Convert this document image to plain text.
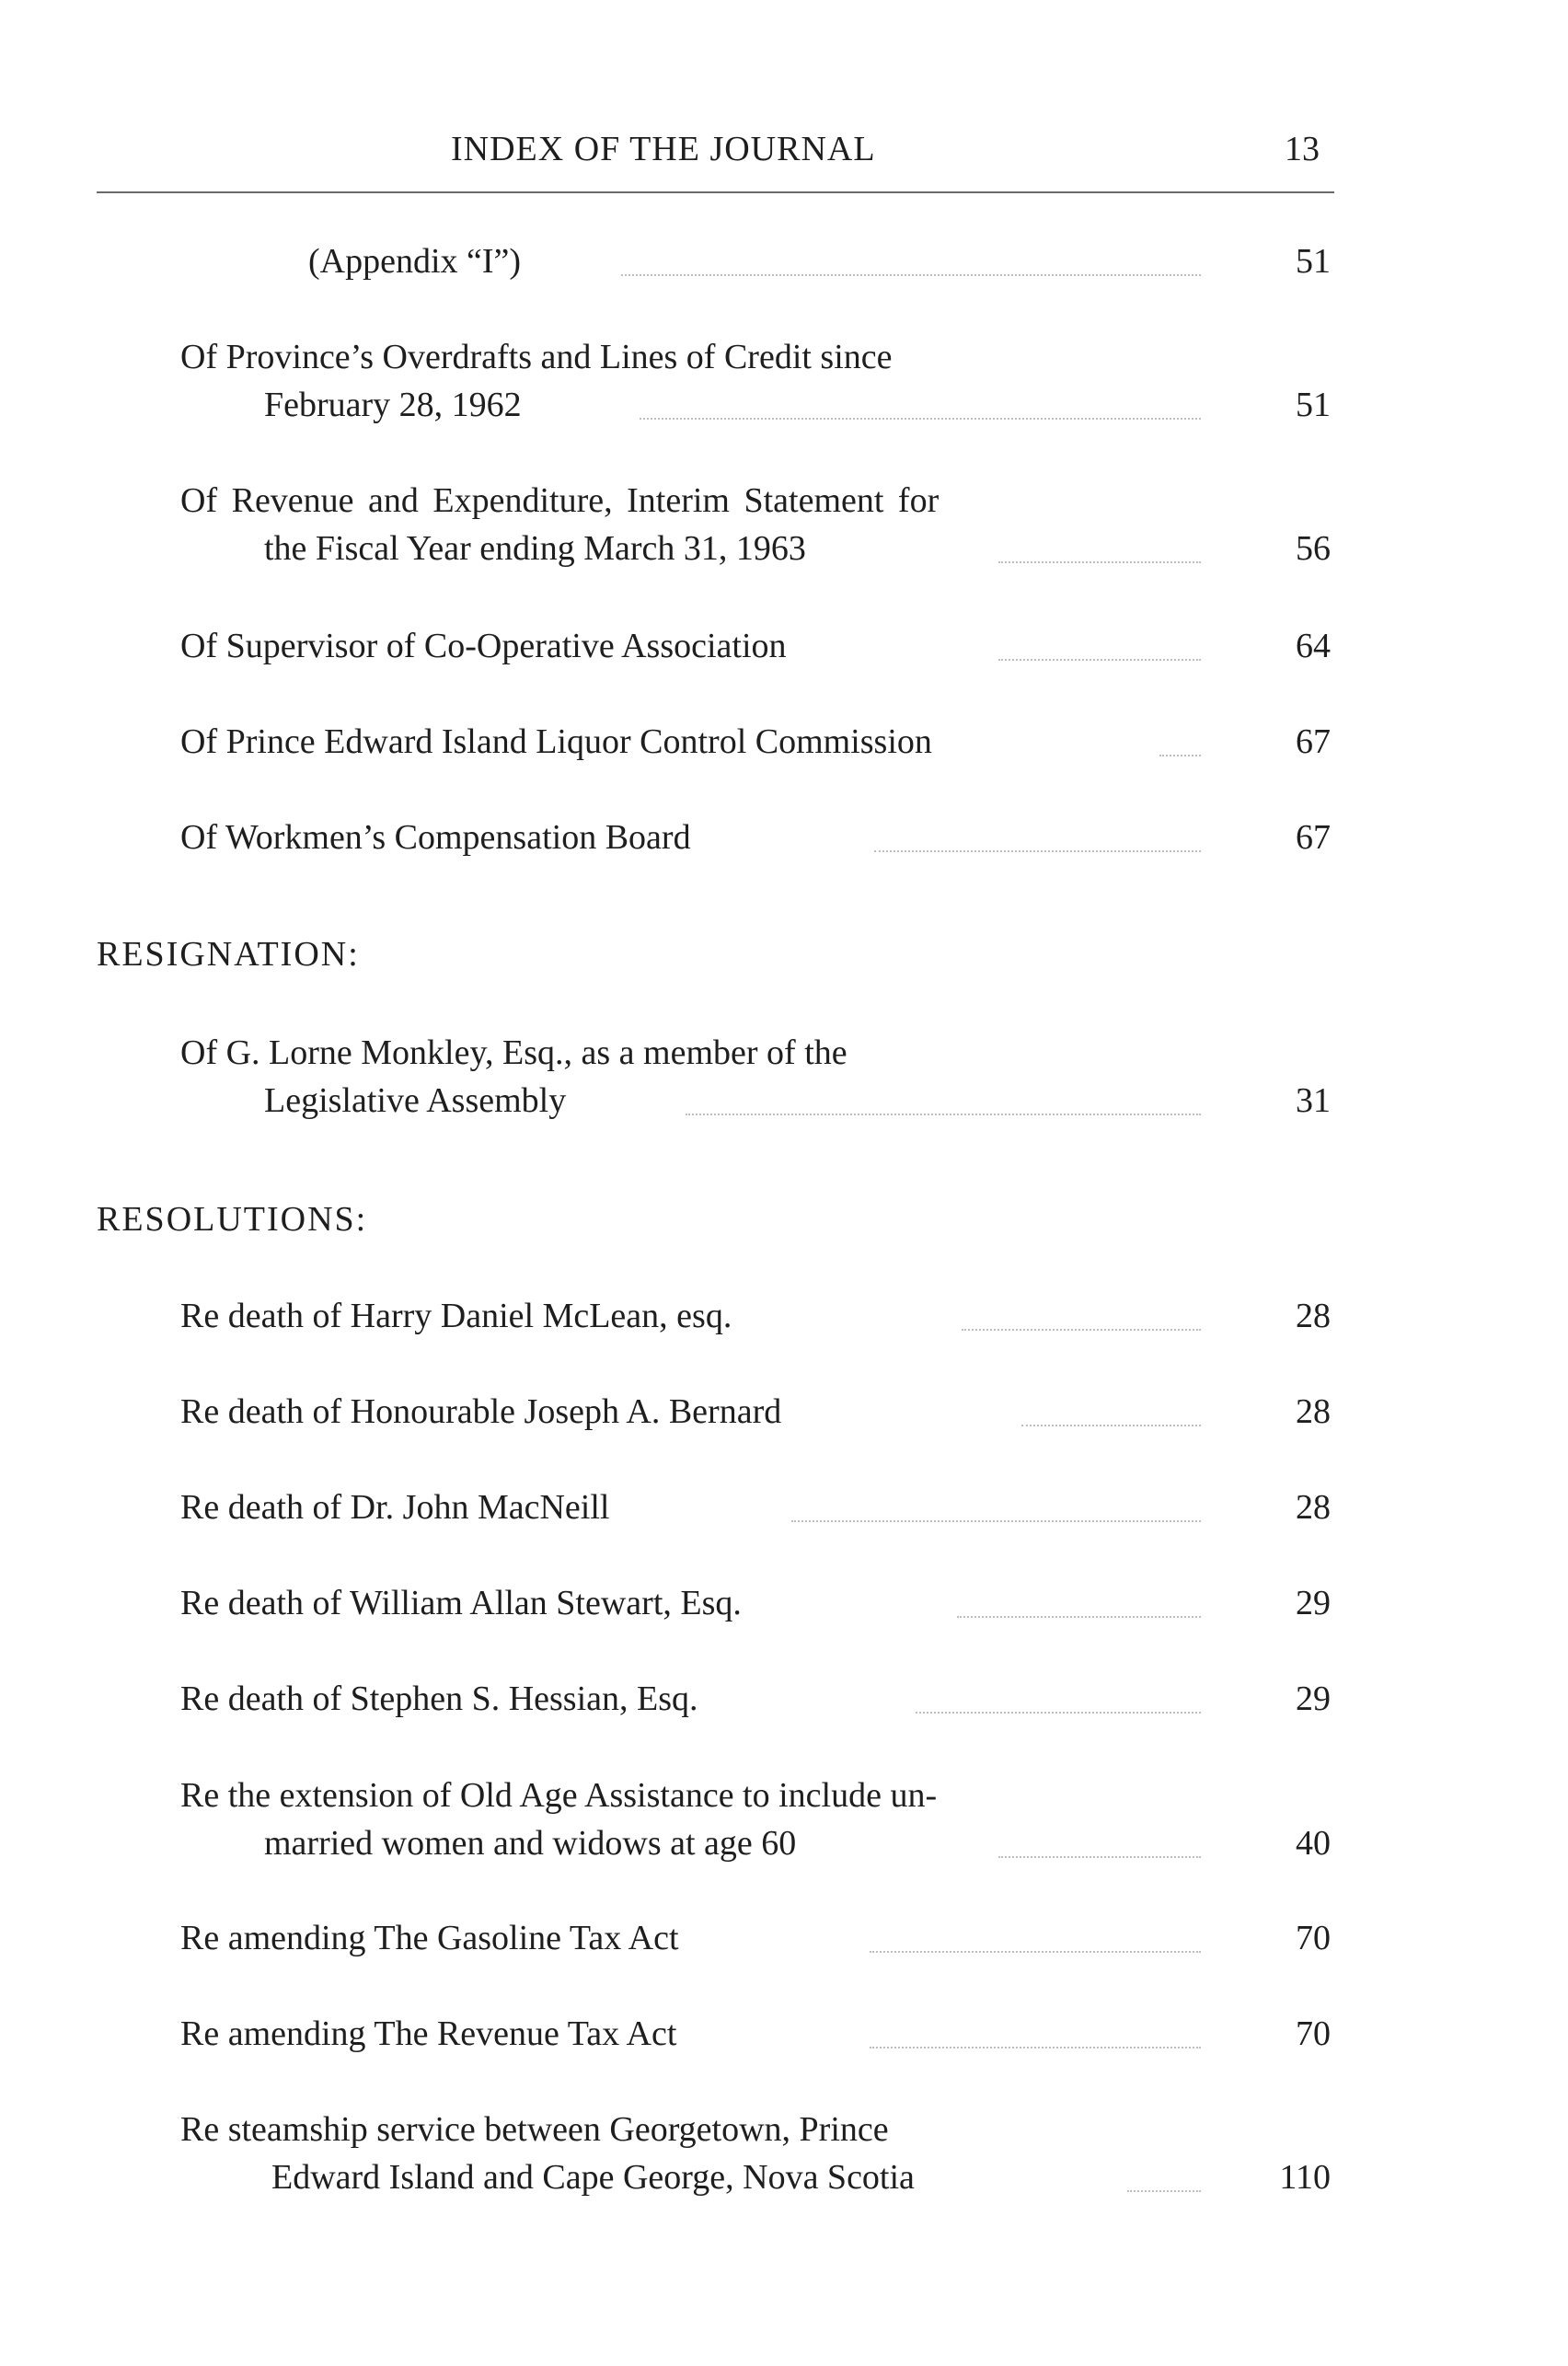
INDEX OF THE JOURNAL	13
(Appendix “I”)	51
Of Province’s Overdrafts and Lines of Credit since
February 28, 1962	51
Of Revenue and Expenditure, Interim Statement for
the Fiscal Year ending March 31, 1963	56
Of Supervisor of Co-Operative Association	64
Of Prince Edward Island Liquor Control Commission	67
Of Workmen’s Compensation Board	67
RESIGNATION:
Of G. Lorne Monkley, Esq., as a member of the
Legislative Assembly	31
RESOLUTIONS:
Re death of Harry Daniel McLean, esq.	28
Re death of Honourable Joseph A. Bernard	28
Re death of Dr. John MacNeill	28
Re death of William Allan Stewart, Esq.	29
Re death of Stephen S. Hessian, Esq.	29
Re the extension of Old Age Assistance to include un-
married women and widows at age 60	40
Re amending The Gasoline Tax Act	70
Re amending The Revenue Tax Act	70
Re steamship service between Georgetown, Prince
Edward Island and Cape George, Nova Scotia	110
